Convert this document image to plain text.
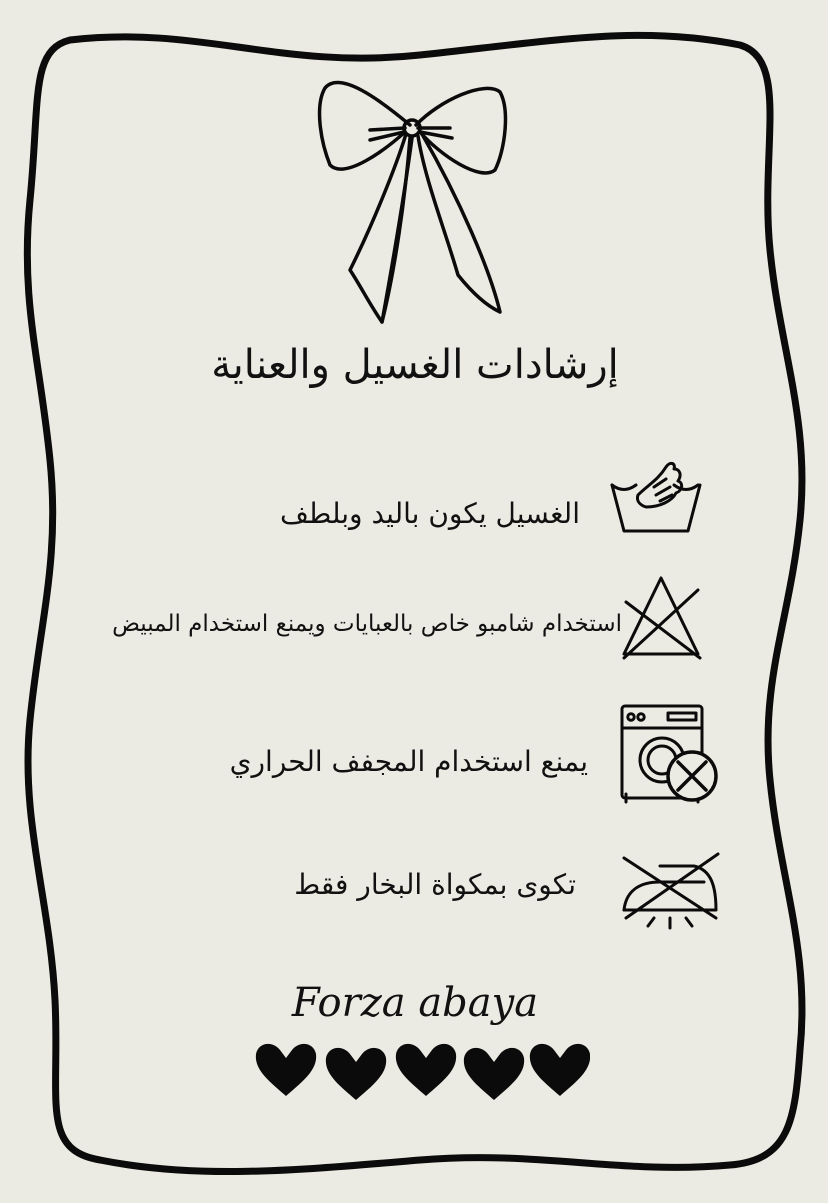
إرشادات الغسيل والعناية
الغسيل يكون باليد وبلطف
استخدام شامبو خاص بالعبايات ويمنع استخدام المبيض
يمنع استخدام المجفف الحراري
تكوى بمكواة البخار فقط
Forza abaya
